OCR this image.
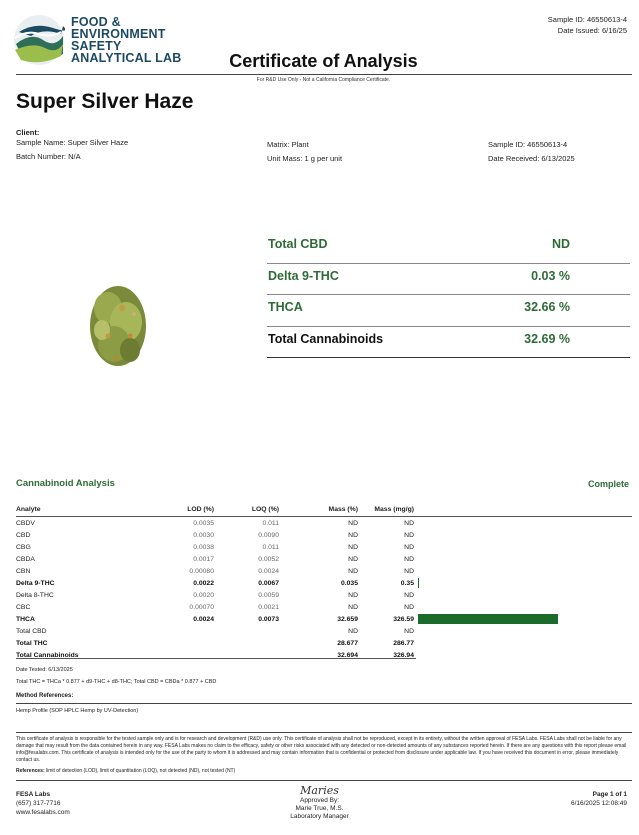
FOOD &
ENVIRONMENT
SAFETY
ANALYTICAL LAB
Sample ID: 46550613-4
Date Issued: 6/16/25
Certificate of Analysis
For R&D Use Only - Not a California Compliance Certificate.
Super Silver Haze
Client:
Sample Name: Super Silver Haze
Batch Number: N/A
Matrix: Plant
Unit Mass: 1 g per unit
Sample ID: 46550613-4
Date Received: 6/13/2025
Total CBD	ND
Delta 9-THC	0.03 %
THCA	32.66 %
Total Cannabinoids	32.69 %
Cannabinoid Analysis	Complete
Analyte	LOD (%)	LOQ (%)	Mass (%)	Mass (mg/g)	
CBDV	0.0035	0.011	ND	ND	
CBD	0.0030	0.0090	ND	ND	
CBG	0.0038	0.011	ND	ND	
CBDA	0.0017	0.0052	ND	ND	
CBN	0.00080	0.0024	ND	ND	
Delta 9-THC	0.0022	0.0067	0.035	0.35	

Delta 8-THC	0.0020	0.0059	ND	ND	
CBC	0.00070	0.0021	ND	ND	
THCA	0.0024	0.0073	32.659	326.59	

Total CBD			ND	ND	
Total THC			28.677	286.77	
Total Cannabinoids			32.694	326.94	
Date Tested: 6/13/2025
Total THC = THCa * 0.877 + d9-THC + d8-THC; Total CBD = CBDa * 0.877 + CBD
Method References:
Hemp Profile (SOP HPLC Hemp by UV-Detection)
This certificate of analysis is responsible for the tested sample only and is for research and development (R&D) use only. This certificate of analysis shall not be reproduced, except in its entirety, without the written approval of FESA Labs. FESA Labs shall not be liable for any damage that may result from the data contained herein in any way. FESA Labs makes no claim to the efficacy, safety or other risks associated with any detected or non-detected amounts of any substances reported herein. If there are any questions with this report please email info@fesalabs.com. This certificate of analysis is intended only for the use of the party to whom it is addressed and may contain information that is confidential or protected from disclosure under applicable law. If you have received this document in error, please immediately contact us.
References: limit of detection (LOD), limit of quantitation (LOQ), not detected (ND), not tested (NT)
FESA Labs
(657) 317-7716
www.fesalabs.com
Maries
Approved By:
Marie True, M.S.
Laboratory Manager
Page 1 of 1
6/16/2025 12:08:49
